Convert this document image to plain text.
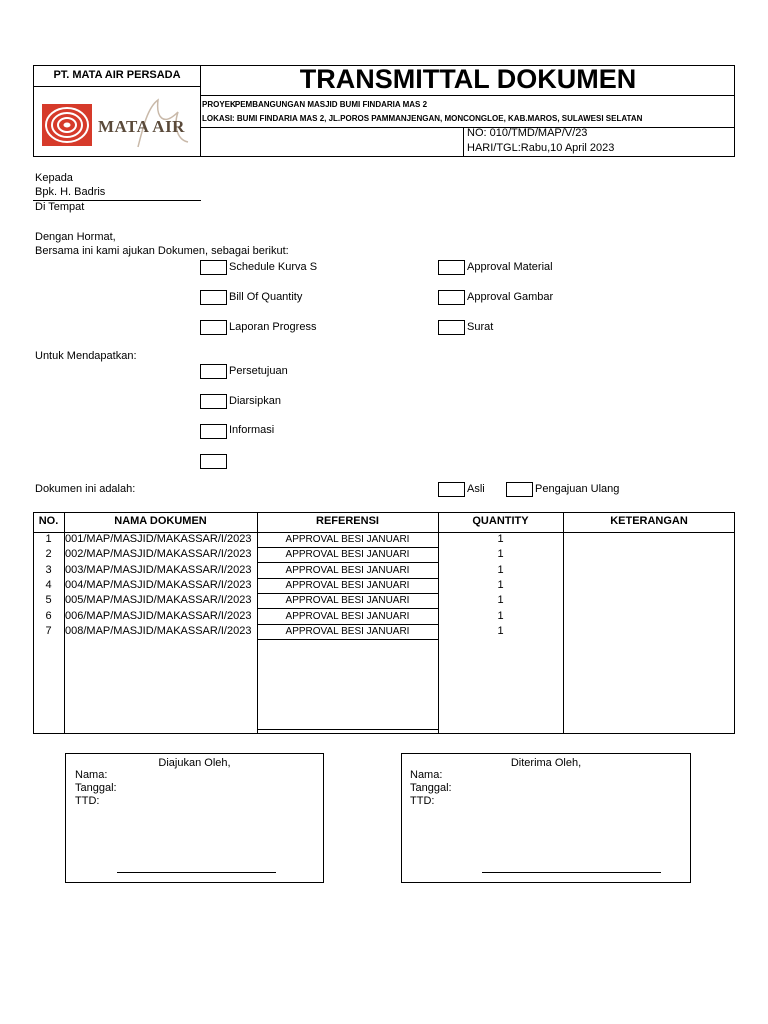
PT. MATA AIR PERSADA
MATA AIR
TRANSMITTAL DOKUMEN
PROYEK
: PEMBANGUNGAN MASJID BUMI FINDARIA MAS 2
LOKASI : BUMI FINDARIA MAS 2, JL.POROS PAMMANJENGAN, MONCONGLOE, KAB.MAROS, SULAWESI SELATAN
NO: 010/TMD/MAP/V/23
HARI/TGL:Rabu,10 April 2023
Kepada
Bpk. H. Badris
Di Tempat
Dengan Hormat,
Bersama ini kami ajukan Dokumen, sebagai berikut:
Schedule Kurva S
Bill Of Quantity
Laporan Progress
Approval Material
Approval Gambar
Surat
Untuk Mendapatkan:
Persetujuan
Diarsipkan
Informasi
Dokumen ini adalah:	Asli	Pengajuan Ulang
NO.	NAMA DOKUMEN	REFERENSI	QUANTITY	KETERANGAN
1	001/MAP/MASJID/MAKASSAR/I/2023	APPROVAL BESI JANUARI	1
2	002/MAP/MASJID/MAKASSAR/I/2023	APPROVAL BESI JANUARI	1
3	003/MAP/MASJID/MAKASSAR/I/2023	APPROVAL BESI JANUARI	1
4	004/MAP/MASJID/MAKASSAR/I/2023	APPROVAL BESI JANUARI	1
5	005/MAP/MASJID/MAKASSAR/I/2023	APPROVAL BESI JANUARI	1
6	006/MAP/MASJID/MAKASSAR/I/2023	APPROVAL BESI JANUARI	1
7	008/MAP/MASJID/MAKASSAR/I/2023	APPROVAL BESI JANUARI	1
Diajukan Oleh,
Nama:
Tanggal:
TTD:
Diterima Oleh,
Nama:
Tanggal:
TTD:
